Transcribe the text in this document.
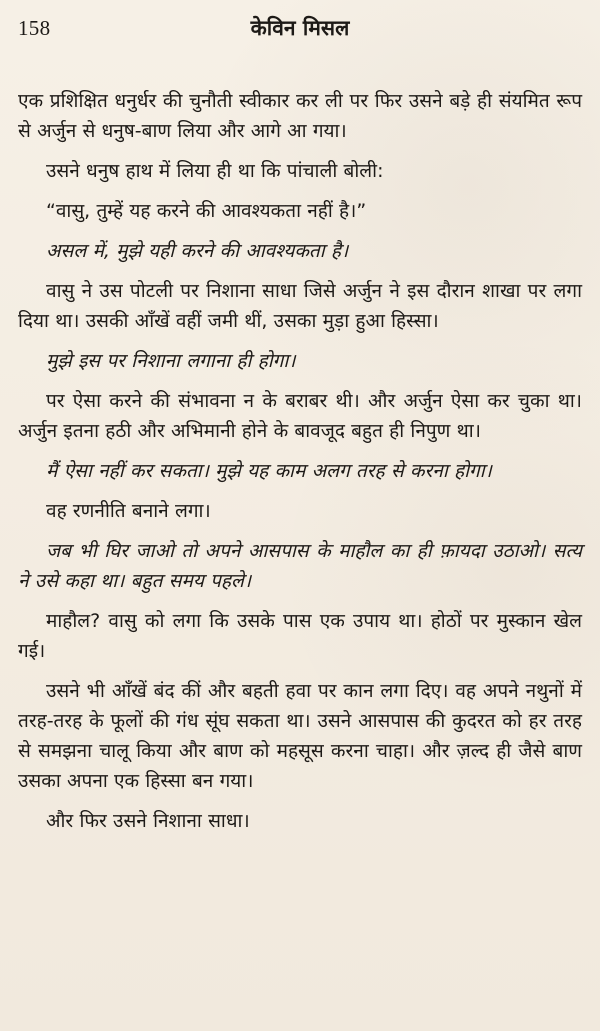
158	केविन मिसल

एक प्रशिक्षित धनुर्धर की चुनौती स्वीकार कर ली पर फिर उसने बड़े ही संयमित रूप से अर्जुन से धनुष-बाण लिया और आगे आ गया।

उसने धनुष हाथ में लिया ही था कि पांचाली बोली:

“वासु, तुम्हें यह करने की आवश्यकता नहीं है।”

असल में, मुझे यही करने की आवश्यकता है।

वासु ने उस पोटली पर निशाना साधा जिसे अर्जुन ने इस दौरान शाखा पर लगा दिया था। उसकी आँखें वहीं जमी थीं, उसका मुड़ा हुआ हिस्सा।

मुझे इस पर निशाना लगाना ही होगा।

पर ऐसा करने की संभावना न के बराबर थी। और अर्जुन ऐसा कर चुका था। अर्जुन इतना हठी और अभिमानी होने के बावजूद बहुत ही निपुण था।

मैं ऐसा नहीं कर सकता। मुझे यह काम अलग तरह से करना होगा।

वह रणनीति बनाने लगा।

जब भी घिर जाओ तो अपने आसपास के माहौल का ही फ़ायदा उठाओ। सत्य ने उसे कहा था। बहुत समय पहले।

माहौल? वासु को लगा कि उसके पास एक उपाय था। होठों पर मुस्कान खेल गई।

उसने भी आँखें बंद कीं और बहती हवा पर कान लगा दिए। वह अपने नथुनों में तरह-तरह के फूलों की गंध सूंघ सकता था। उसने आसपास की कुदरत को हर तरह से समझना चालू किया और बाण को महसूस करना चाहा। और ज़ल्द ही जैसे बाण उसका अपना एक हिस्सा बन गया।

और फिर उसने निशाना साधा।
